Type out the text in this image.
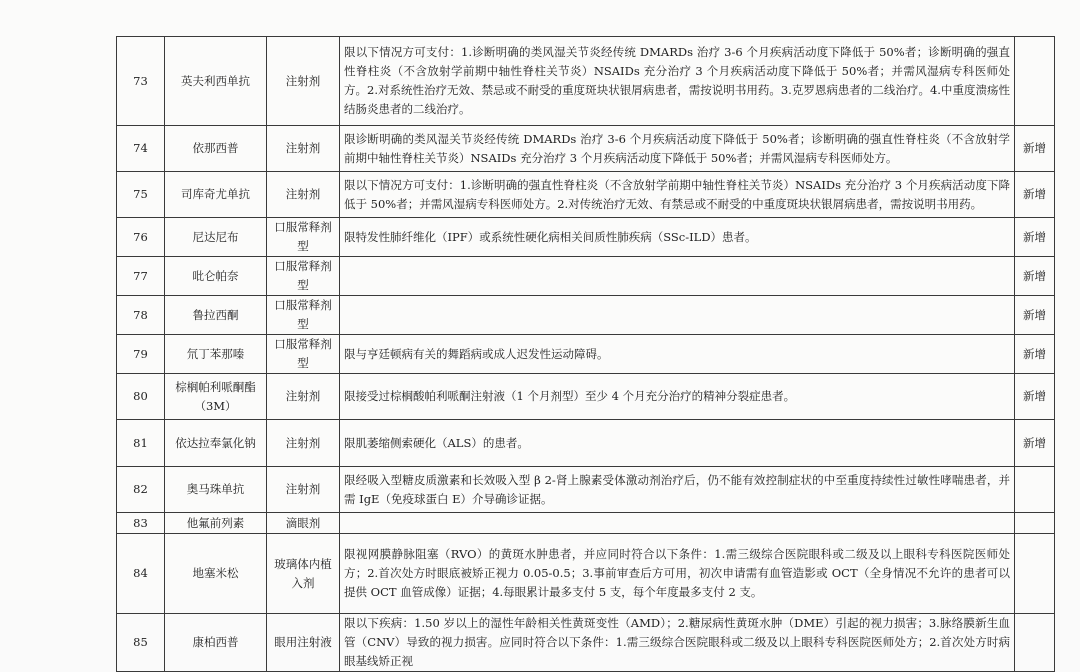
73	英夫利西单抗	注射剂	限以下情况方可支付：1.诊断明确的类风湿关节炎经传统 DMARDs 治疗 3-6 个月疾病活动度下降低于 50%者；诊断明确的强直性脊柱炎（不含放射学前期中轴性脊柱关节炎）NSAIDs 充分治疗 3 个月疾病活动度下降低于 50%者；并需风湿病专科医师处方。2.对系统性治疗无效、禁忌或不耐受的重度斑块状银屑病患者，需按说明书用药。3.克罗恩病患者的二线治疗。4.中重度溃疡性结肠炎患者的二线治疗。	
74	依那西普	注射剂	限诊断明确的类风湿关节炎经传统 DMARDs 治疗 3-6 个月疾病活动度下降低于 50%者；诊断明确的强直性脊柱炎（不含放射学前期中轴性脊柱关节炎）NSAIDs 充分治疗 3 个月疾病活动度下降低于 50%者；并需风湿病专科医师处方。	新增
75	司库奇尤单抗	注射剂	限以下情况方可支付：1.诊断明确的强直性脊柱炎（不含放射学前期中轴性脊柱关节炎）NSAIDs 充分治疗 3 个月疾病活动度下降低于 50%者；并需风湿病专科医师处方。2.对传统治疗无效、有禁忌或不耐受的中重度斑块状银屑病患者，需按说明书用药。	新增
76	尼达尼布	口服常释剂型	限特发性肺纤维化（IPF）或系统性硬化病相关间质性肺疾病（SSc-ILD）患者。	新增
77	吡仑帕奈	口服常释剂型		新增
78	鲁拉西酮	口服常释剂型		新增
79	氘丁苯那嗪	口服常释剂型	限与亨廷顿病有关的舞蹈病或成人迟发性运动障碍。	新增
80	棕榈帕利哌酮酯（3M）	注射剂	限接受过棕榈酸帕利哌酮注射液（1 个月剂型）至少 4 个月充分治疗的精神分裂症患者。	新增
81	依达拉奉氯化钠	注射剂	限肌萎缩侧索硬化（ALS）的患者。	新增
82	奥马珠单抗	注射剂	限经吸入型糖皮质激素和长效吸入型 β 2-肾上腺素受体激动剂治疗后，仍不能有效控制症状的中至重度持续性过敏性哮喘患者，并需 IgE（免疫球蛋白 E）介导确诊证据。	
83	他氟前列素	滴眼剂		
84	地塞米松	玻璃体内植入剂	限视网膜静脉阻塞（RVO）的黄斑水肿患者，并应同时符合以下条件：1.需三级综合医院眼科或二级及以上眼科专科医院医师处方；2.首次处方时眼底被矫正视力 0.05-0.5；3.事前审查后方可用，初次申请需有血管造影或 OCT（全身情况不允许的患者可以提供 OCT 血管成像）证据；4.每眼累计最多支付 5 支，每个年度最多支付 2 支。	
85	康柏西普	眼用注射液	限以下疾病：1.50 岁以上的湿性年龄相关性黄斑变性（AMD）；2.糖尿病性黄斑水肿（DME）引起的视力损害；3.脉络膜新生血管（CNV）导致的视力损害。应同时符合以下条件：1.需三级综合医院眼科或二级及以上眼科专科医院医师处方；2.首次处方时病眼基线矫正视	
